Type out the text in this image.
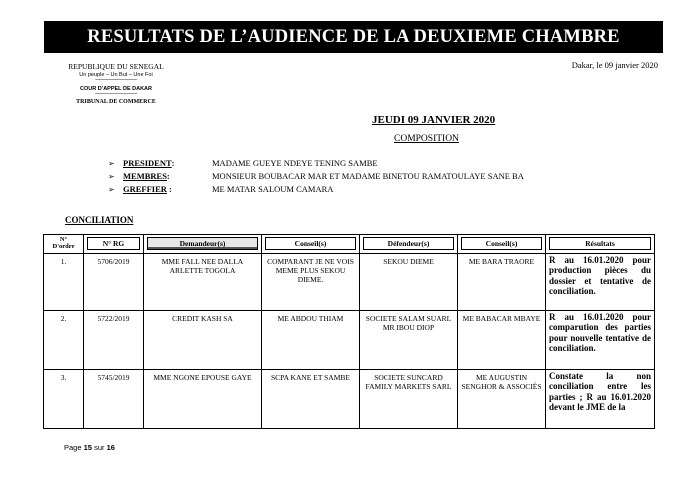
RESULTATS DE L’AUDIENCE DE LA DEUXIEME CHAMBRE
REPUBLIQUE DU SENEGAL
Un peuple – Un But – Une Foi
------------------------------------
COUR D’APPEL DE DAKAR
------------------------------------
TRIBUNAL DE COMMERCE
Dakar, le 09 janvier 2020
JEUDI 09 JANVIER 2020
COMPOSITION
➢ PRESIDENT:	MADAME GUEYE NDEYE TENING SAMBE
➢ MEMBRES:	MONSIEUR BOUBACAR MAR ET MADAME BINETOU RAMATOULAYE SANE BA
➢ GREFFIER :	ME MATAR SALOUM CAMARA
CONCILIATION
N°
D'ordre	N° RG	Demandeur(s)	Conseil(s)	Défendeur(s)	Conseil(s)	Résultats

1.	5706/2019	MME FALL NEE DALLA ARLETTE TOGOLA	COMPARANT JE NE VOIS MEME PLUS SEKOU DIEME.	SEKOU DIEME	ME BARA TRAORE	R au 16.01.2020 pour production pièces du dossier et tentative de conciliation.
2.	5722/2019	CREDIT KASH SA	ME ABDOU THIAM	SOCIETE SALAM SUARL MR IBOU DIOP	ME BABACAR MBAYE	R au 16.01.2020 pour comparution des parties pour nouvelle tentative de conciliation.
3.	5745/2019	MME NGONE EPOUSE GAYE	SCPA KANE ET SAMBE	SOCIETE SUNCARD FAMILY MARKETS SARL	ME AUGUSTIN SENGHOR & ASSOCIÉS	Constate la non conciliation entre les parties ; R au 16.01.2020 devant le JME de la
Page 15 sur 16
